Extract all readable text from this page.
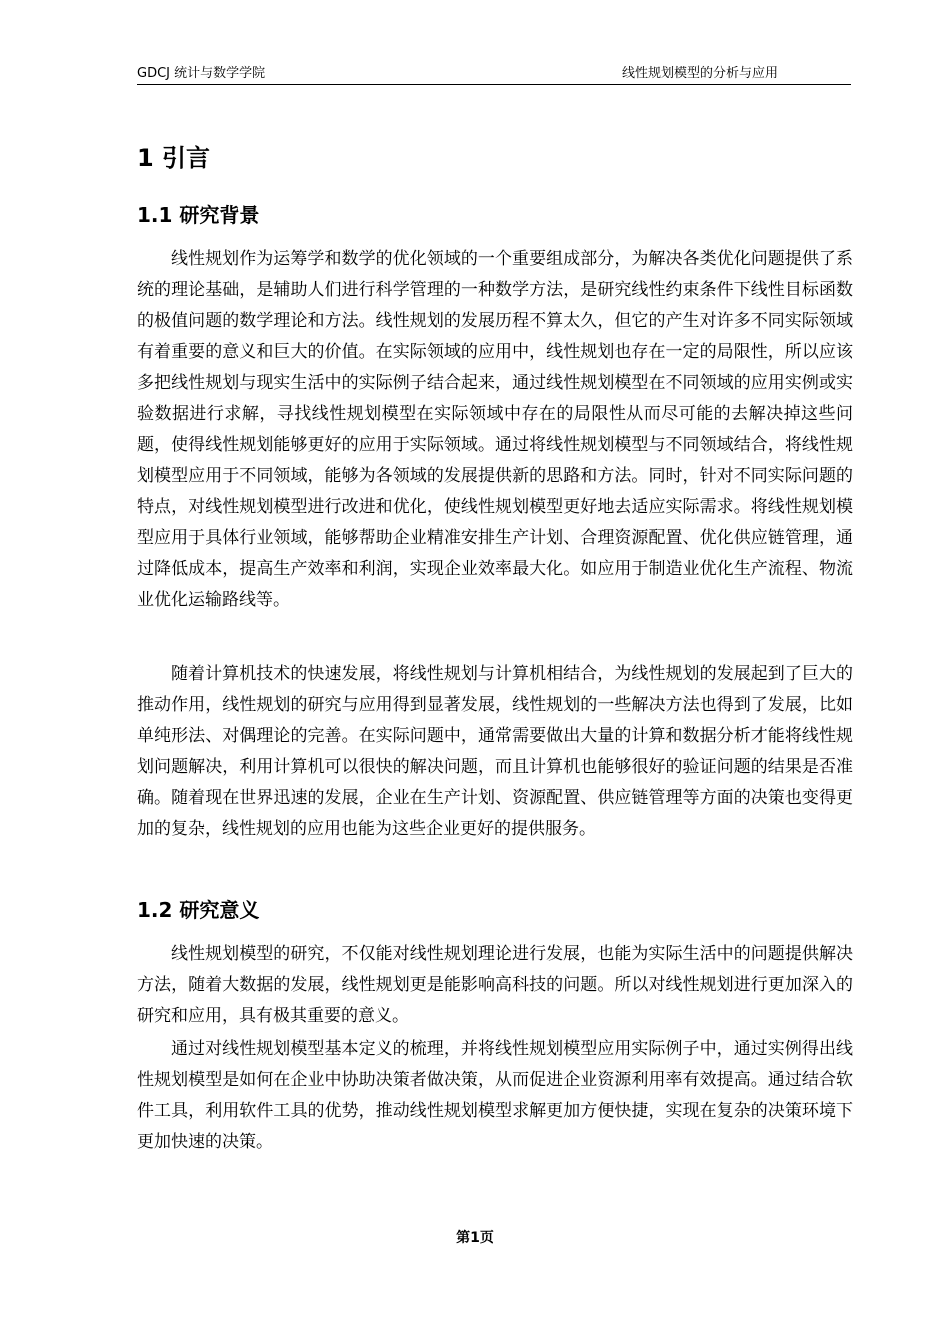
GDCJ 统计与数学学院	线性规划模型的分析与应用
1 引言
1.1 研究背景

线性规划作为运筹学和数学的优化领域的一个重要组成部分，为解决各类优化问题提供了系统的理论基础，是辅助人们进行科学管理的一种数学方法，是研究线性约束条件下线性目标函数的极值问题的数学理论和方法。线性规划的发展历程不算太久，但它的产生对许多不同实际领域有着重要的意义和巨大的价值。在实际领域的应用中，线性规划也存在一定的局限性，所以应该多把线性规划与现实生活中的实际例子结合起来，通过线性规划模型在不同领域的应用实例或实验数据进行求解，寻找线性规划模型在实际领域中存在的局限性从而尽可能的去解决掉这些问题，使得线性规划能够更好的应用于实际领域。通过将线性规划模型与不同领域结合，将线性规划模型应用于不同领域，能够为各领域的发展提供新的思路和方法。同时，针对不同实际问题的特点，对线性规划模型进行改进和优化，使线性规划模型更好地去适应实际需求。将线性规划模型应用于具体行业领域，能够帮助企业精准安排生产计划、合理资源配置、优化供应链管理，通过降低成本，提高生产效率和利润，实现企业效率最大化。如应用于制造业优化生产流程、物流业优化运输路线等。

随着计算机技术的快速发展，将线性规划与计算机相结合，为线性规划的发展起到了巨大的推动作用，线性规划的研究与应用得到显著发展，线性规划的一些解决方法也得到了发展，比如单纯形法、对偶理论的完善。在实际问题中，通常需要做出大量的计算和数据分析才能将线性规划问题解决，利用计算机可以很快的解决问题，而且计算机也能够很好的验证问题的结果是否准确。随着现在世界迅速的发展，企业在生产计划、资源配置、供应链管理等方面的决策也变得更加的复杂，线性规划的应用也能为这些企业更好的提供服务。

1.2 研究意义

线性规划模型的研究，不仅能对线性规划理论进行发展，也能为实际生活中的问题提供解决方法，随着大数据的发展，线性规划更是能影响高科技的问题。所以对线性规划进行更加深入的研究和应用，具有极其重要的意义。

通过对线性规划模型基本定义的梳理，并将线性规划模型应用实际例子中，通过实例得出线性规划模型是如何在企业中协助决策者做决策，从而促进企业资源利用率有效提高。通过结合软件工具，利用软件工具的优势，推动线性规划模型求解更加方便快捷，实现在复杂的决策环境下更加快速的决策。

第1页
